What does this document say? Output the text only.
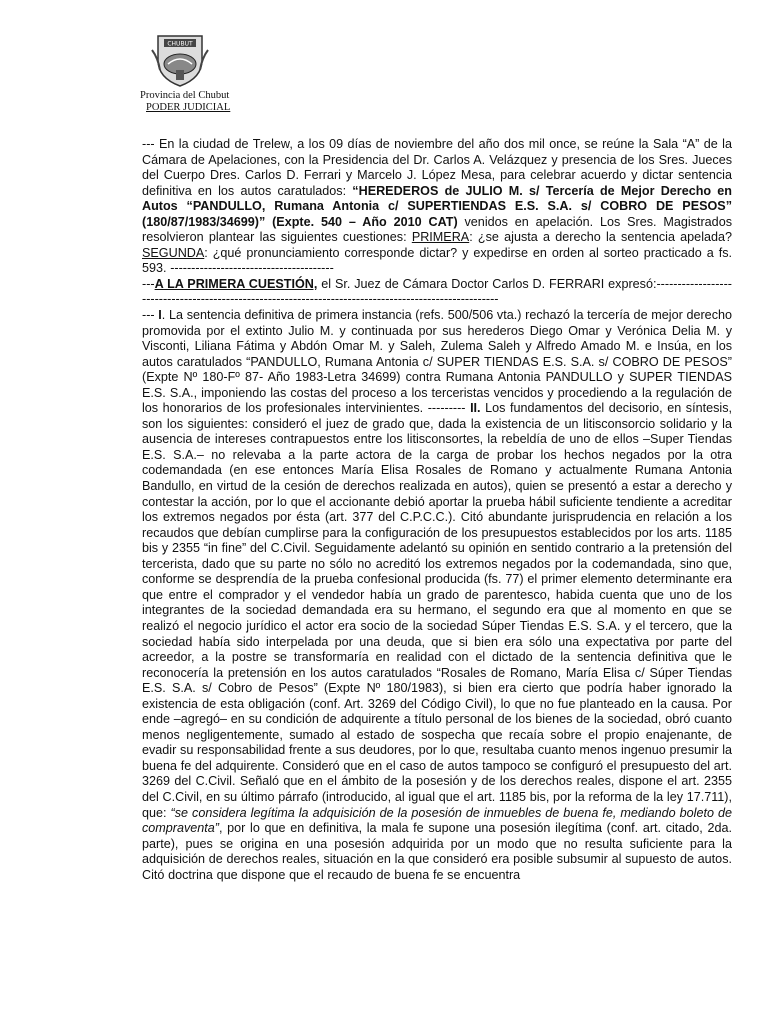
CHUBUT
Provincia del Chubut
PODER JUDICIAL

--- En la ciudad de Trelew, a los 09 días de noviembre del año dos mil once, se reúne la Sala “A” de la Cámara de Apelaciones, con la Presidencia del Dr. Carlos A. Velázquez y presencia de los Sres. Jueces del Cuerpo Dres. Carlos D. Ferrari y Marcelo J. López Mesa, para celebrar acuerdo y dictar sentencia definitiva en los autos caratulados: “HEREDEROS de JULIO M. s/ Tercería de Mejor Derecho en Autos “PANDULLO, Rumana Antonia c/ SUPERTIENDAS E.S. S.A. s/ COBRO DE PESOS” (180/87/1983/34699)” (Expte. 540 – Año 2010 CAT) venidos en apelación. Los Sres. Magistrados resolvieron plantear las siguientes cuestiones: PRIMERA: ¿se ajusta a derecho la sentencia apelada? SEGUNDA: ¿qué pronunciamiento corresponde dictar? y expedirse en orden al sorteo practicado a fs. 593. ---------------------------------------

---A LA PRIMERA CUESTIÓN, el Sr. Juez de Cámara Doctor Carlos D. FERRARI expresó:-------------------------------------------------------------------------------------------------------

--- I. La sentencia definitiva de primera instancia (refs. 500/506 vta.) rechazó la tercería de mejor derecho promovida por el extinto Julio M. y continuada por sus herederos Diego Omar y Verónica Delia M. y Visconti, Liliana Fátima y Abdón Omar M. y Saleh, Zulema Saleh y Alfredo Amado M. e Insúa, en los autos caratulados “PANDULLO, Rumana Antonia c/ SUPER TIENDAS E.S. S.A. s/ COBRO DE PESOS” (Expte Nº 180-Fº 87- Año 1983-Letra 34699) contra Rumana Antonia PANDULLO y SUPER TIENDAS E.S. S.A., imponiendo las costas del proceso a los terceristas vencidos y procediendo a la regulación de los honorarios de los profesionales intervinientes. --------- II. Los fundamentos del decisorio, en síntesis, son los siguientes: consideró el juez de grado que, dada la existencia de un litisconsorcio solidario y la ausencia de intereses contrapuestos entre los litisconsortes, la rebeldía de uno de ellos –Super Tiendas E.S. S.A.– no relevaba a la parte actora de la carga de probar los hechos negados por la otra codemandada (en ese entonces María Elisa Rosales de Romano y actualmente Rumana Antonia Bandullo, en virtud de la cesión de derechos realizada en autos), quien se presentó a estar a derecho y contestar la acción, por lo que el accionante debió aportar la prueba hábil suficiente tendiente a acreditar los extremos negados por ésta (art. 377 del C.P.C.C.). Citó abundante jurisprudencia en relación a los recaudos que debían cumplirse para la configuración de los presupuestos establecidos por los arts. 1185 bis y 2355 “in fine” del C.Civil. Seguidamente adelantó su opinión en sentido contrario a la pretensión del tercerista, dado que su parte no sólo no acreditó los extremos negados por la codemandada, sino que, conforme se desprendía de la prueba confesional producida (fs. 77) el primer elemento determinante era que entre el comprador y el vendedor había un grado de parentesco, habida cuenta que uno de los integrantes de la sociedad demandada era su hermano, el segundo era que al momento en que se realizó el negocio jurídico el actor era socio de la sociedad Súper Tiendas E.S. S.A. y el tercero, que la sociedad había sido interpelada por una deuda, que si bien era sólo una expectativa por parte del acreedor, a la postre se transformaría en realidad con el dictado de la sentencia definitiva que le reconocería la pretensión en los autos caratulados “Rosales de Romano, María Elisa c/ Súper Tiendas E.S. S.A. s/ Cobro de Pesos” (Expte Nº 180/1983), si bien era cierto que podría haber ignorado la existencia de esta obligación (conf. Art. 3269 del Código Civil), lo que no fue planteado en la causa. Por ende –agregó– en su condición de adquirente a título personal de los bienes de la sociedad, obró cuanto menos negligentemente, sumado al estado de sospecha que recaía sobre el propio enajenante, de evadir su responsabilidad frente a sus deudores, por lo que, resultaba cuanto menos ingenuo presumir la buena fe del adquirente. Consideró que en el caso de autos tampoco se configuró el presupuesto del art. 3269 del C.Civil. Señaló que en el ámbito de la posesión y de los derechos reales, dispone el art. 2355 del C.Civil, en su último párrafo (introducido, al igual que el art. 1185 bis, por la reforma de la ley 17.711), que: “se considera legítima la adquisición de la posesión de inmuebles de buena fe, mediando boleto de compraventa”, por lo que en definitiva, la mala fe supone una posesión ilegítima (conf. art. citado, 2da. parte), pues se origina en una posesión adquirida por un modo que no resulta suficiente para la adquisición de derechos reales, situación en la que consideró era posible subsumir al supuesto de autos. Citó doctrina que dispone que el recaudo de buena fe se encuentra
